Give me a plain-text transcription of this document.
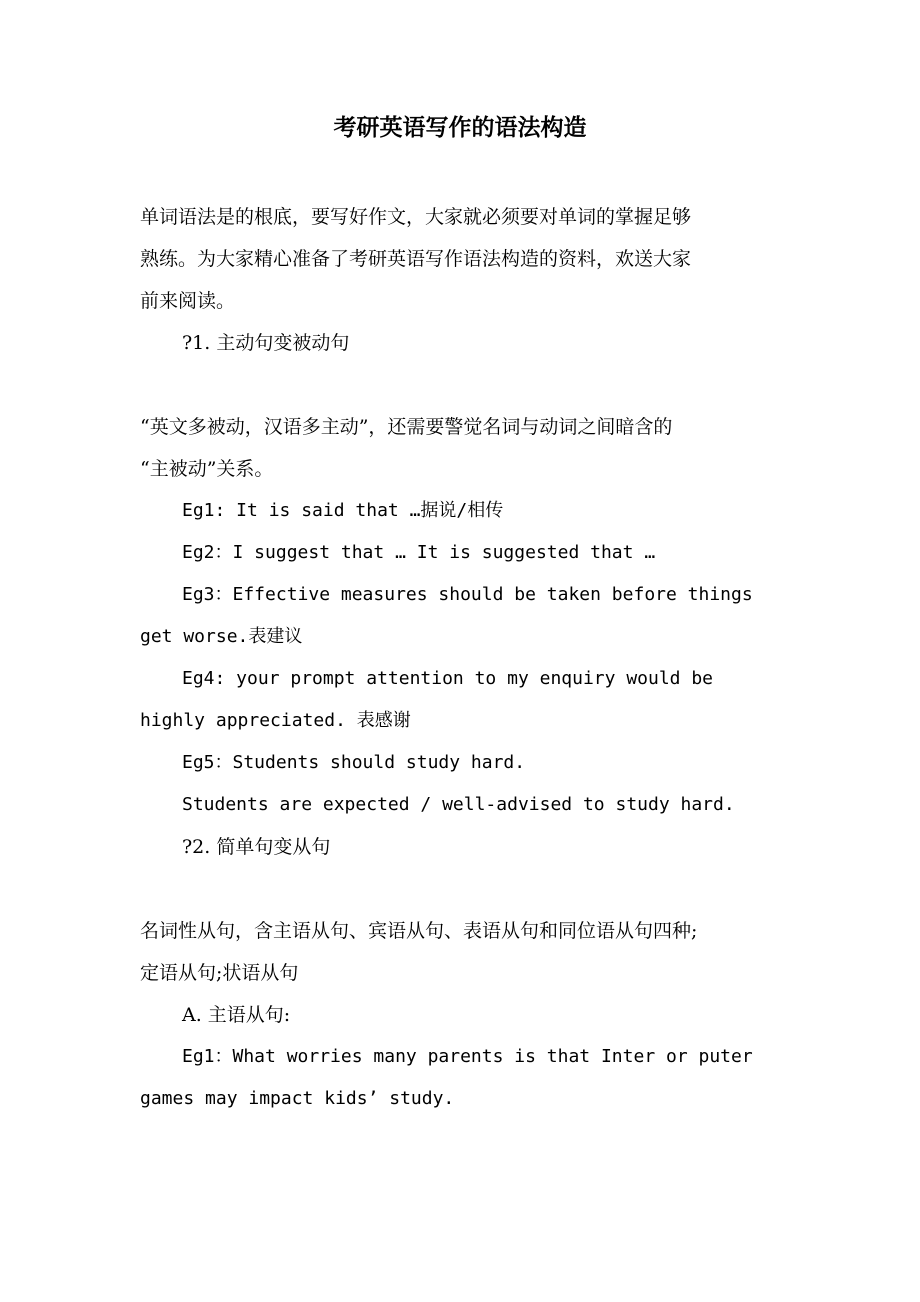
考研英语写作的语法构造
单词语法是的根底，要写好作文，大家就必须要对单词的掌握足够
熟练。为大家精心准备了考研英语写作语法构造的资料，欢送大家
前来阅读。
?1. 主动句变被动句
“英文多被动，汉语多主动”，还需要警觉名词与动词之间暗含的
“主被动”关系。
Eg1: It is said that …据说/相传
Eg2：I suggest that … It is suggested that …
Eg3：Effective measures should be taken before things
get worse.表建议
Eg4: your prompt attention to my enquiry would be
highly appreciated. 表感谢
Eg5：Students should study hard.
Students are expected / well-advised to study hard.
?2. 简单句变从句
名词性从句，含主语从句、宾语从句、表语从句和同位语从句四种;
定语从句;状语从句
A. 主语从句:
Eg1：What worries many parents is that Inter or puter
games may impact kids’ study.
